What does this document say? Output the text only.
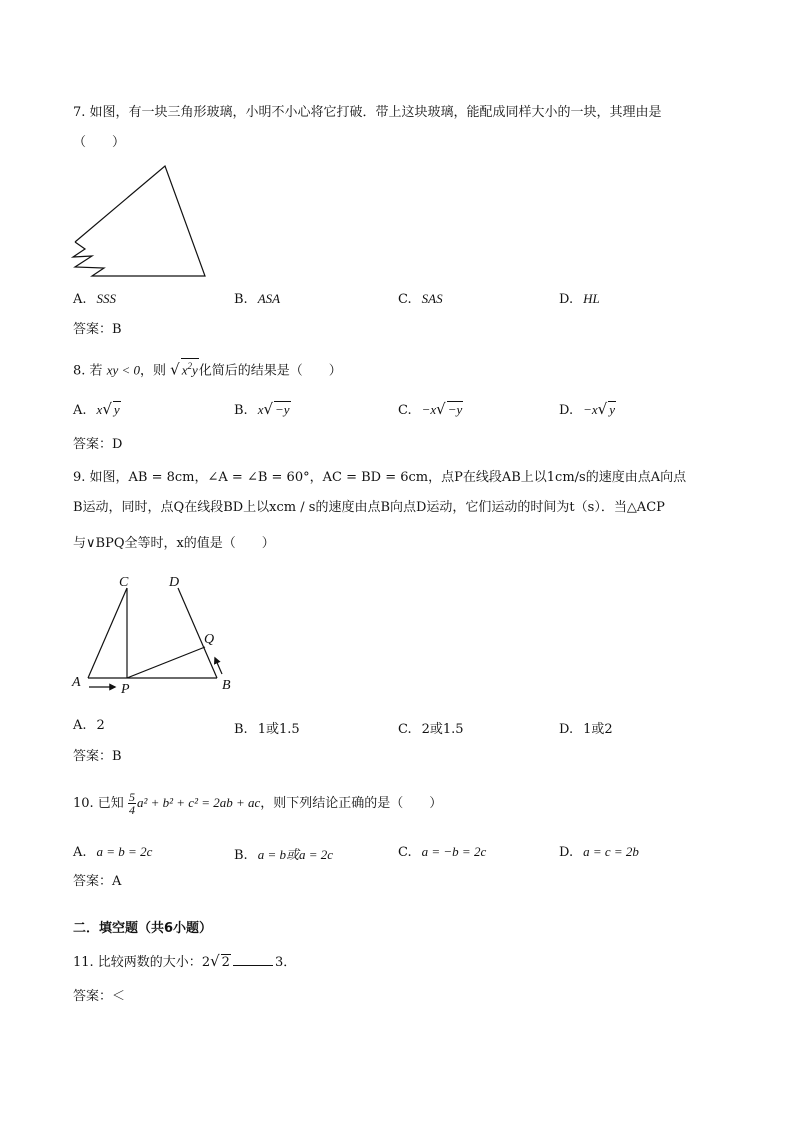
7. 如图，有一块三角形玻璃，小明不小心将它打破．带上这块玻璃，能配成同样大小的一块，其理由是
（　　）
A. SSS	B. ASA	C. SAS	D. HL
答案：B
8. 若 xy < 0，则 √ $x^2y$化简后的结果是（　　）
A. x√ y	B. x√ −y	C. −x√ −y	D. −x√ y
答案：D
9. 如图，AB = 8cm，∠A = ∠B = 60°，AC = BD = 6cm，点P在线段AB上以1cm/s的速度由点A向点
B运动，同时，点Q在线段BD上以xcm / s的速度由点B向点D运动，它们运动的时间为t（s）．当△ACP
与∨BPQ全等时，x的值是（　　）
C	D
Q
A	P	B
A. 2	B. 1或1.5	C. 2或1.5	D. 1或2
答案：B
10. 已知 $\frac{5}{4} a^2 + b^2 + c^2 = 2ab$ + ac，则下列结论正确的是（　　）
A. a = b = 2c	B. a = b或a = 2c	C. a = −b = 2c	D. a = c = 2b
答案：A
二．填空题（共6小题）
11. 比较两数的大小：2√ 2	3．
答案：＜
